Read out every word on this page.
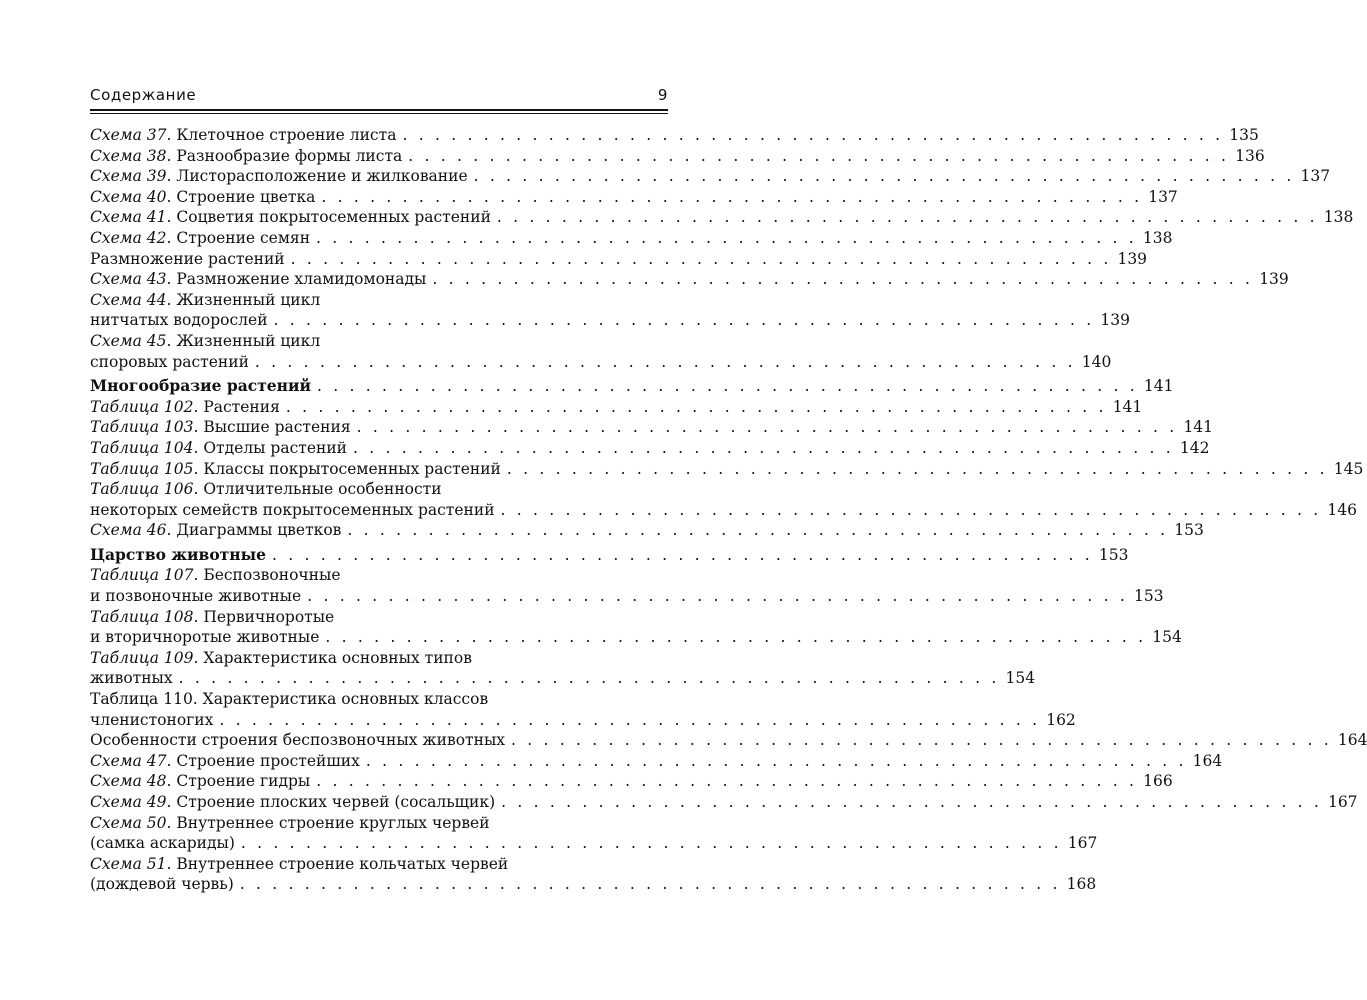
Содержание	9
Схема 37. Клеточное строение листа . . . . . . . . . . . . . . . . . . . . . . . . . . . . . . . . . . . . . . . . . . . . . . . . . . . 135
Схема 38. Разнообразие формы листа . . . . . . . . . . . . . . . . . . . . . . . . . . . . . . . . . . . . . . . . . . . . . . . . . . . 136
Схема 39. Листорасположение и жилкование . . . . . . . . . . . . . . . . . . . . . . . . . . . . . . . . . . . . . . . . . . . . . . . . . . . 137
Схема 40. Строение цветка . . . . . . . . . . . . . . . . . . . . . . . . . . . . . . . . . . . . . . . . . . . . . . . . . . . 137
Схема 41. Соцветия покрытосеменных растений . . . . . . . . . . . . . . . . . . . . . . . . . . . . . . . . . . . . . . . . . . . . . . . . . . . 138
Схема 42. Строение семян . . . . . . . . . . . . . . . . . . . . . . . . . . . . . . . . . . . . . . . . . . . . . . . . . . . 138
Размножение растений . . . . . . . . . . . . . . . . . . . . . . . . . . . . . . . . . . . . . . . . . . . . . . . . . . . 139
Схема 43. Размножение хламидомонады . . . . . . . . . . . . . . . . . . . . . . . . . . . . . . . . . . . . . . . . . . . . . . . . . . . 139
Схема 44. Жизненный цикл
нитчатых водорослей . . . . . . . . . . . . . . . . . . . . . . . . . . . . . . . . . . . . . . . . . . . . . . . . . . . 139
Схема 45. Жизненный цикл
споровых растений . . . . . . . . . . . . . . . . . . . . . . . . . . . . . . . . . . . . . . . . . . . . . . . . . . . 140
Многообразие растений . . . . . . . . . . . . . . . . . . . . . . . . . . . . . . . . . . . . . . . . . . . . . . . . . . . 141
Таблица 102. Растения . . . . . . . . . . . . . . . . . . . . . . . . . . . . . . . . . . . . . . . . . . . . . . . . . . . 141
Таблица 103. Высшие растения . . . . . . . . . . . . . . . . . . . . . . . . . . . . . . . . . . . . . . . . . . . . . . . . . . . 141
Таблица 104. Отделы растений . . . . . . . . . . . . . . . . . . . . . . . . . . . . . . . . . . . . . . . . . . . . . . . . . . . 142
Таблица 105. Классы покрытосеменных растений . . . . . . . . . . . . . . . . . . . . . . . . . . . . . . . . . . . . . . . . . . . . . . . . . . . 145
Таблица 106. Отличительные особенности
некоторых семейств покрытосеменных растений . . . . . . . . . . . . . . . . . . . . . . . . . . . . . . . . . . . . . . . . . . . . . . . . . . . 146
Схема 46. Диаграммы цветков . . . . . . . . . . . . . . . . . . . . . . . . . . . . . . . . . . . . . . . . . . . . . . . . . . . 153
Царство животные . . . . . . . . . . . . . . . . . . . . . . . . . . . . . . . . . . . . . . . . . . . . . . . . . . . 153
Таблица 107. Беспозвоночные
и позвоночные животные . . . . . . . . . . . . . . . . . . . . . . . . . . . . . . . . . . . . . . . . . . . . . . . . . . . 153
Таблица 108. Первичноротые
и вторичноротые животные . . . . . . . . . . . . . . . . . . . . . . . . . . . . . . . . . . . . . . . . . . . . . . . . . . . 154
Таблица 109. Характеристика основных типов
животных . . . . . . . . . . . . . . . . . . . . . . . . . . . . . . . . . . . . . . . . . . . . . . . . . . . 154
Таблица 110. Характеристика основных классов
членистоногих . . . . . . . . . . . . . . . . . . . . . . . . . . . . . . . . . . . . . . . . . . . . . . . . . . . 162
Особенности строения беспозвоночных животных . . . . . . . . . . . . . . . . . . . . . . . . . . . . . . . . . . . . . . . . . . . . . . . . . . . 164
Схема 47. Строение простейших . . . . . . . . . . . . . . . . . . . . . . . . . . . . . . . . . . . . . . . . . . . . . . . . . . . 164
Схема 48. Строение гидры . . . . . . . . . . . . . . . . . . . . . . . . . . . . . . . . . . . . . . . . . . . . . . . . . . . 166
Схема 49. Строение плоских червей (сосальщик) . . . . . . . . . . . . . . . . . . . . . . . . . . . . . . . . . . . . . . . . . . . . . . . . . . . 167
Схема 50. Внутреннее строение круглых червей
(самка аскариды) . . . . . . . . . . . . . . . . . . . . . . . . . . . . . . . . . . . . . . . . . . . . . . . . . . . 167
Схема 51. Внутреннее строение кольчатых червей
(дождевой червь) . . . . . . . . . . . . . . . . . . . . . . . . . . . . . . . . . . . . . . . . . . . . . . . . . . . 168
